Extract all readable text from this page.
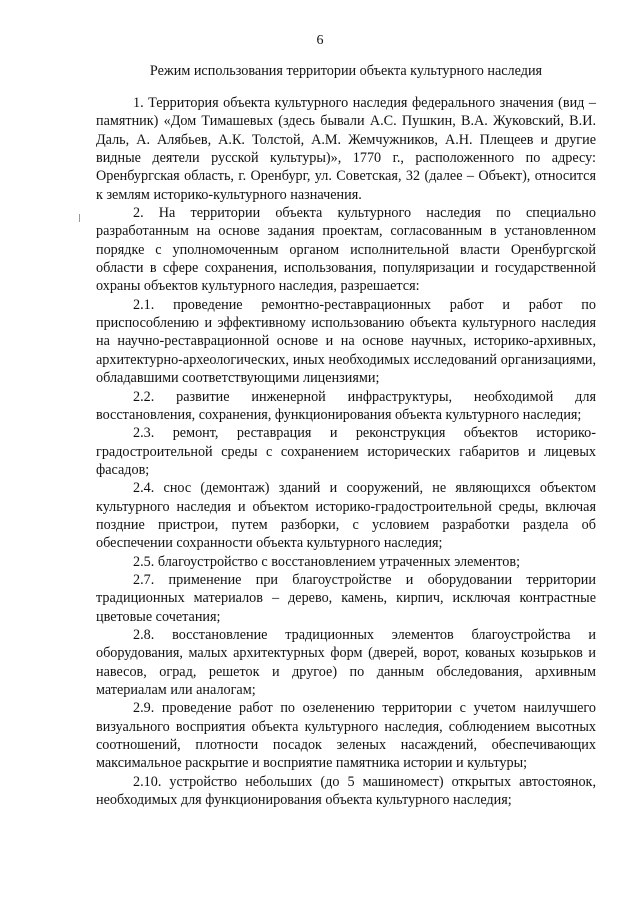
6
Режим использования территории объекта культурного наследия

1. Территория объекта культурного наследия федерального значения (вид – памятник) «Дом Тимашевых (здесь бывали А.С. Пушкин, В.А. Жуковский, В.И. Даль, А. Алябьев, А.К. Толстой, А.М. Жемчужников, А.Н. Плещеев и другие видные деятели русской культуры)», 1770 г., расположенного по адресу: Оренбургская область, г. Оренбург, ул. Советская, 32 (далее – Объект), относится к землям историко-культурного назначения.

2. На территории объекта культурного наследия по специально разработанным на основе задания проектам, согласованным в установленном порядке с уполномоченным органом исполнительной власти Оренбургской области в сфере сохранения, использования, популяризации и государственной охраны объектов культурного наследия, разрешается:

2.1. проведение ремонтно-реставрационных работ и работ по приспособлению и эффективному использованию объекта культурного наследия на научно-реставрационной основе и на основе научных, историко-архивных, архитектурно-археологических, иных необходимых исследований организациями, обладавшими соответствующими лицензиями;

2.2. развитие инженерной инфраструктуры, необходимой для восстановления, сохранения, функционирования объекта культурного наследия;

2.3. ремонт, реставрация и реконструкция объектов историко-градостроительной среды с сохранением исторических габаритов и лицевых фасадов;

2.4. снос (демонтаж) зданий и сооружений, не являющихся объектом культурного наследия и объектом историко-градостроительной среды, включая поздние пристрои, путем разборки, с условием разработки раздела об обеспечении сохранности объекта культурного наследия;

2.5. благоустройство с восстановлением утраченных элементов;

2.7. применение при благоустройстве и оборудовании территории традиционных материалов – дерево, камень, кирпич, исключая контрастные цветовые сочетания;

2.8. восстановление традиционных элементов благоустройства и оборудования, малых архитектурных форм (дверей, ворот, кованых козырьков и навесов, оград, решеток и другое) по данным обследования, архивным материалам или аналогам;

2.9. проведение работ по озеленению территории с учетом наилучшего визуального восприятия объекта культурного наследия, соблюдением высотных соотношений, плотности посадок зеленых насаждений, обеспечивающих максимальное раскрытие и восприятие памятника истории и культуры;

2.10. устройство небольших (до 5 машиномест) открытых автостоянок, необходимых для функционирования объекта культурного наследия;
